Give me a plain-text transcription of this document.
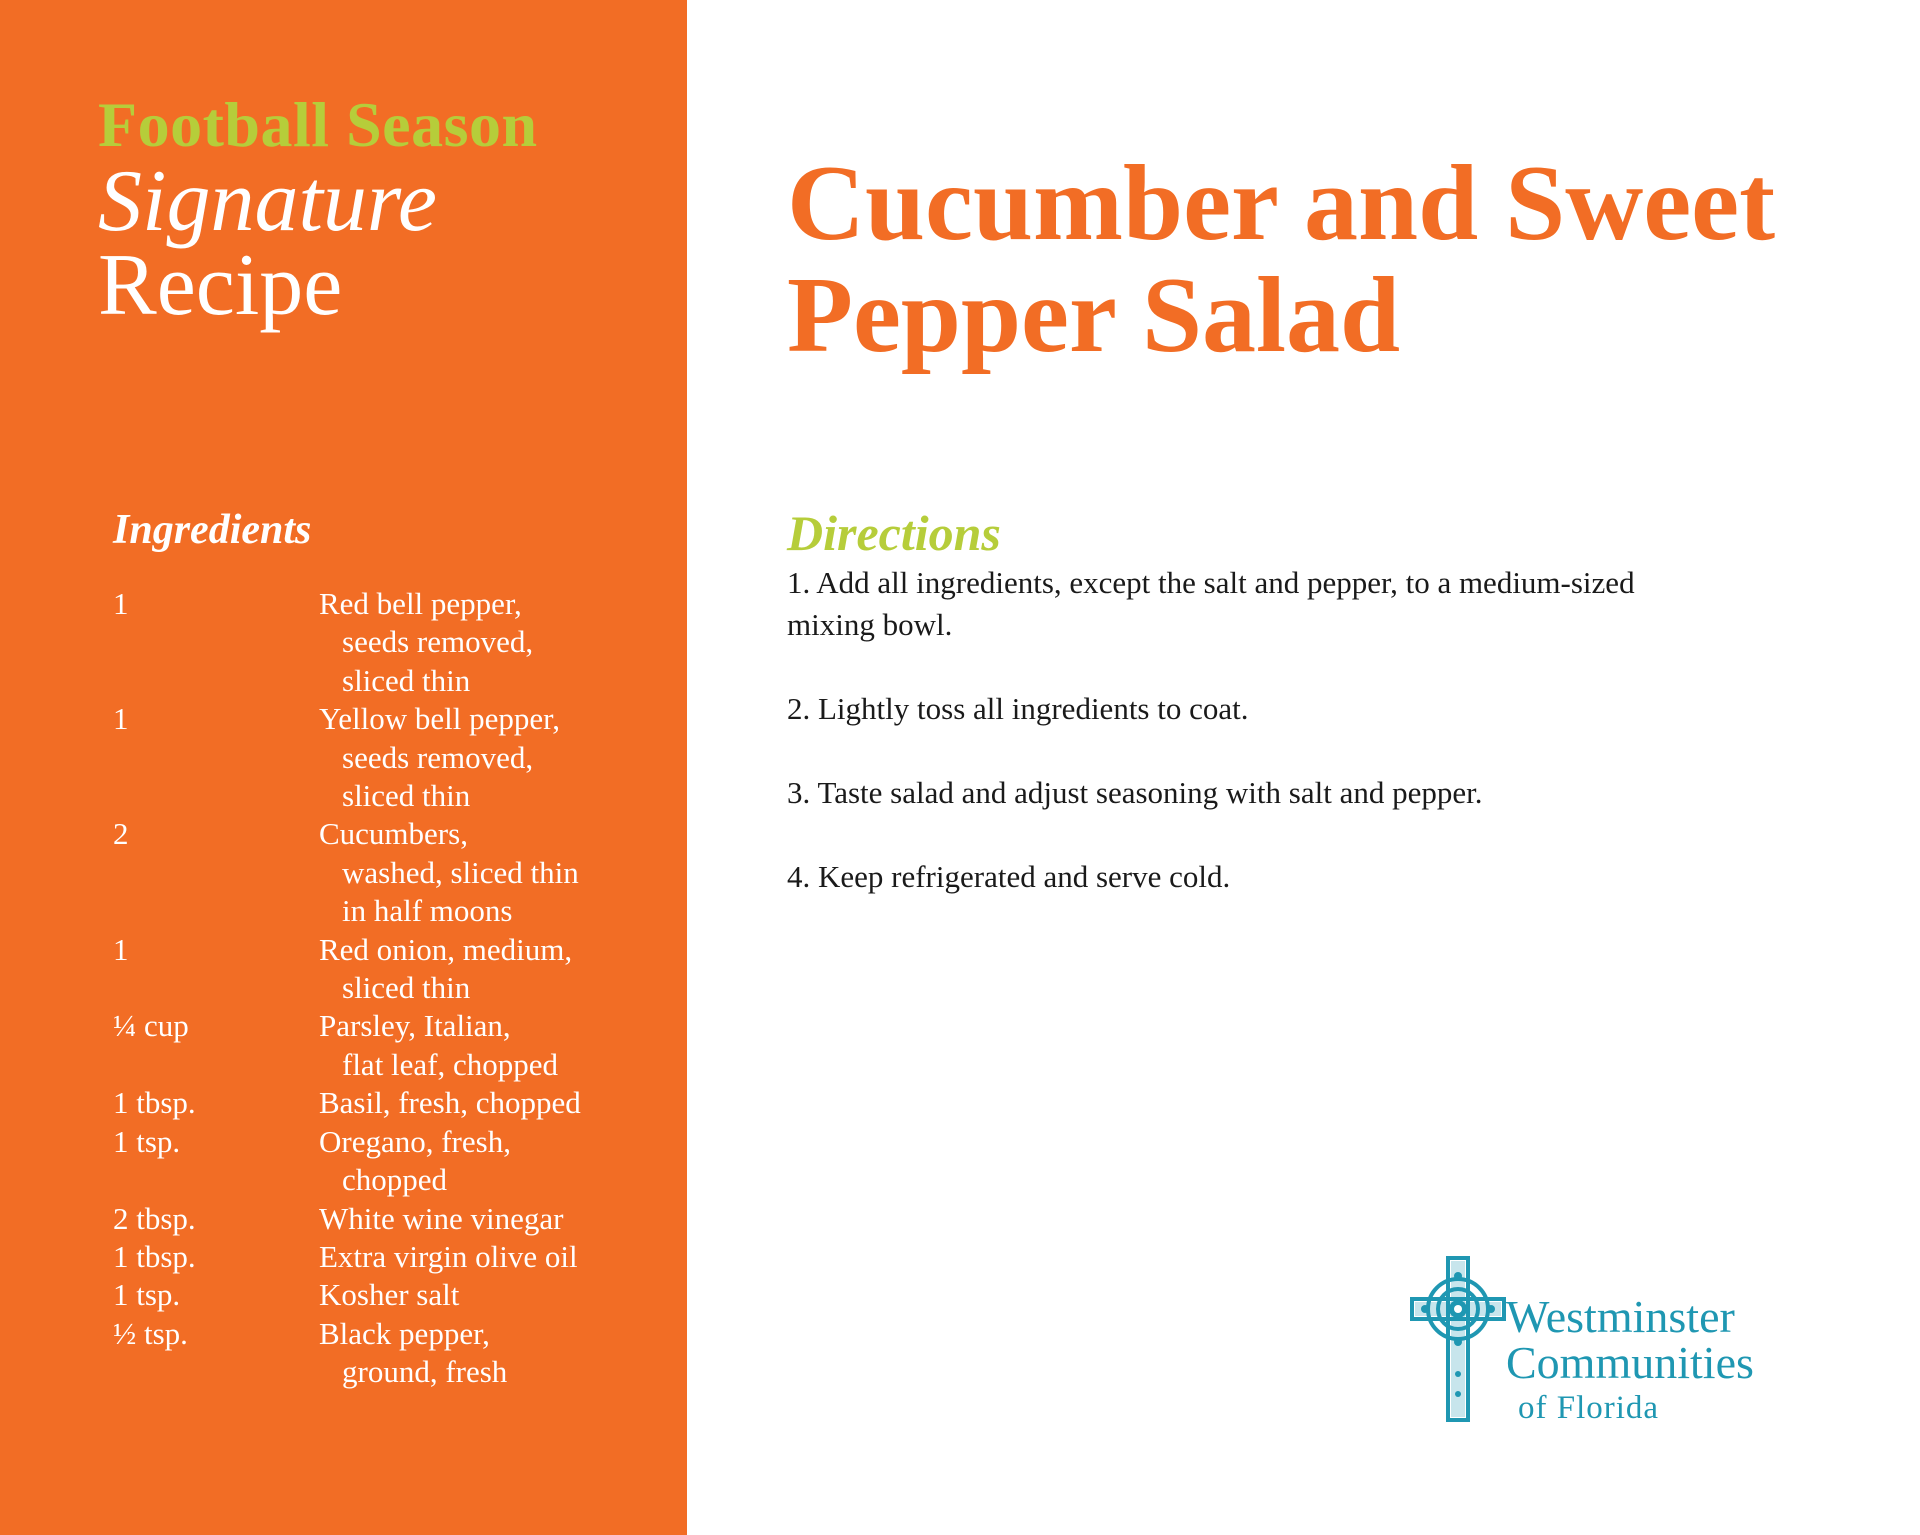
Football Season
Signature
Recipe
Ingredients
1	Red bell pepper,
seeds removed,
sliced thin
1	Yellow bell pepper,
seeds removed,
sliced thin
2	Cucumbers,
washed, sliced thin
in half moons
1	Red onion, medium,
sliced thin
¼ cup	Parsley, Italian,
flat leaf, chopped
1 tbsp.	Basil, fresh, chopped
1 tsp.	Oregano, fresh,
chopped
2 tbsp.	White wine vinegar
1 tbsp.	Extra virgin olive oil
1 tsp.	Kosher salt
½ tsp.	Black pepper,
ground, fresh
Cucumber and Sweet
Pepper Salad
Directions
1. Add all ingredients, except the salt and pepper, to a medium-sized
mixing bowl.
2. Lightly toss all ingredients to coat.
3. Taste salad and adjust seasoning with salt and pepper.
4. Keep refrigerated and serve cold.
Westminster
Communities
of Florida
